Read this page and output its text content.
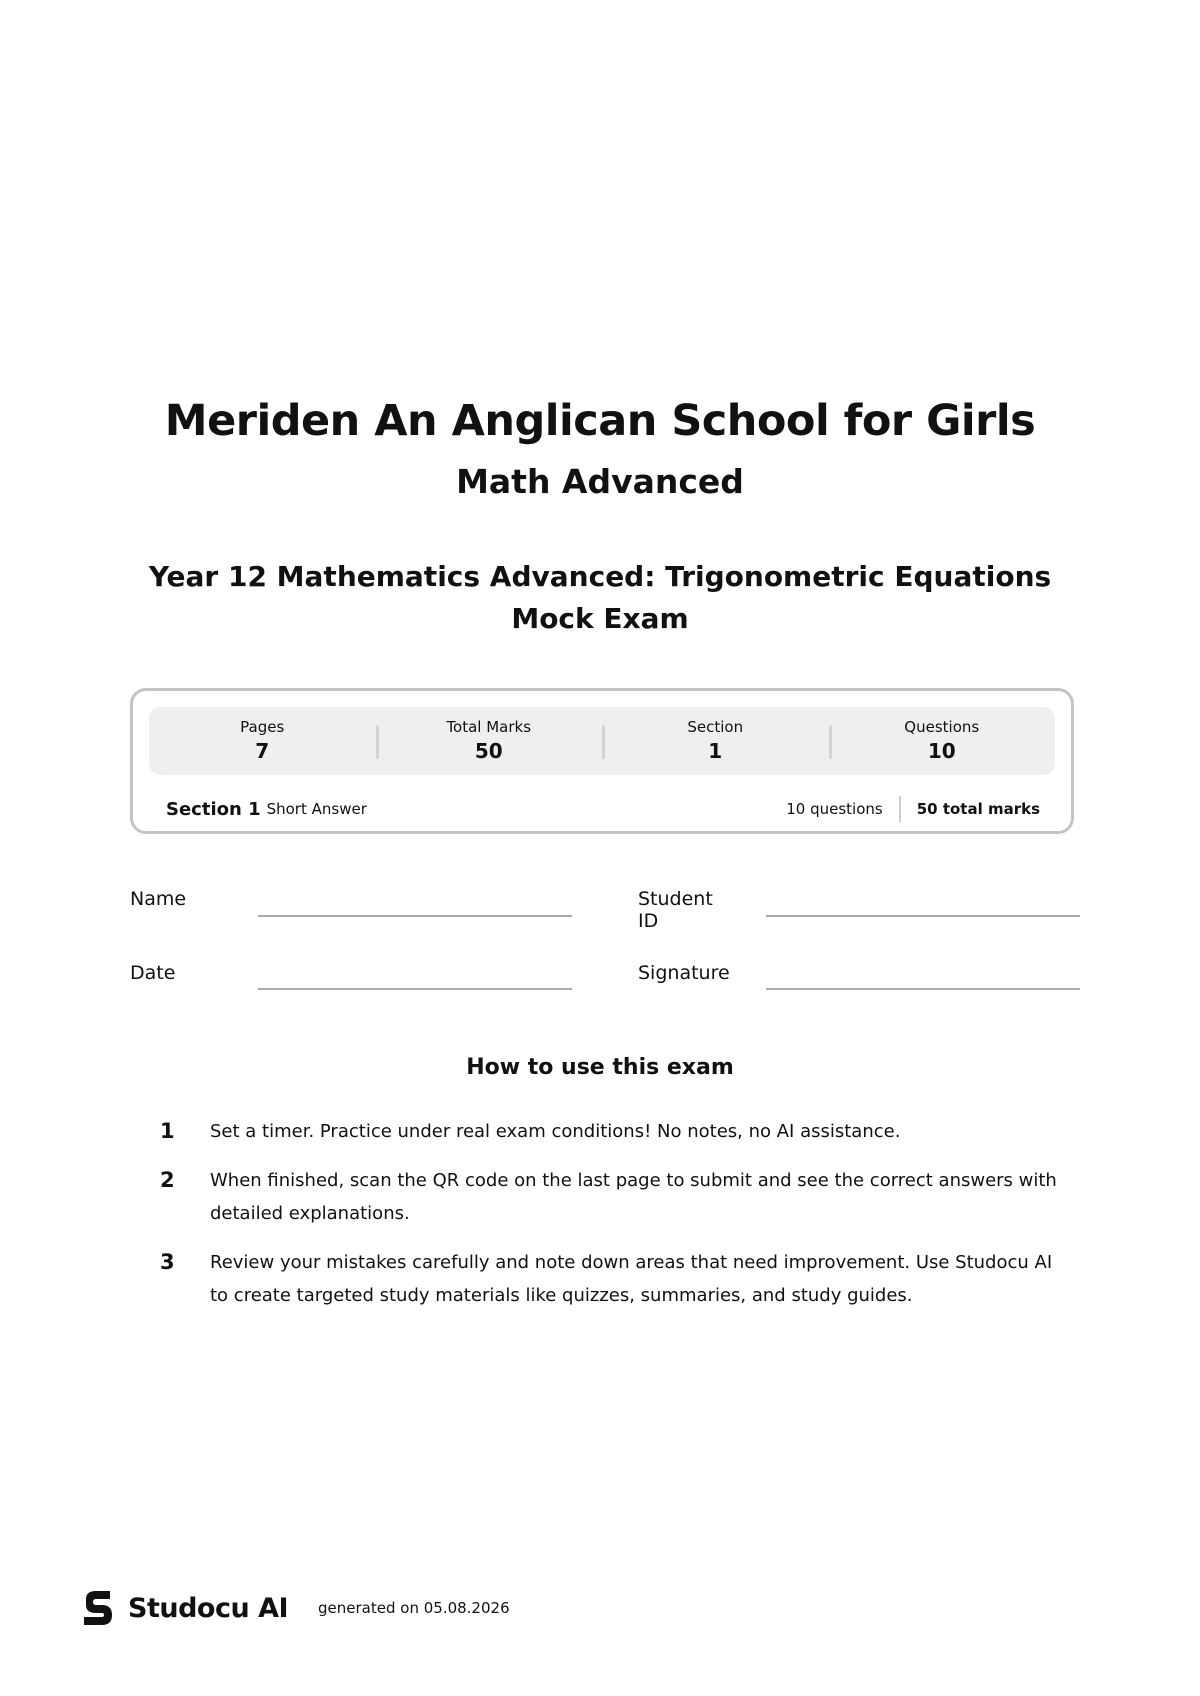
Meriden An Anglican School for Girls
Math Advanced
Year 12 Mathematics Advanced: Trigonometric Equations
Mock Exam
Pages
7
Total Marks
50
Section
1
Questions
10
Section 1 Short Answer	10 questions	50 total marks
Name	Student ID
Date	Signature
How to use this exam
1 Set a timer. Practice under real exam conditions! No notes, no AI assistance.
2 When finished, scan the QR code on the last page to submit and see the correct answers with detailed explanations.
3 Review your mistakes carefully and note down areas that need improvement. Use Studocu AI to create targeted study materials like quizzes, summaries, and study guides.
Studocu AI generated on 05.08.2026
